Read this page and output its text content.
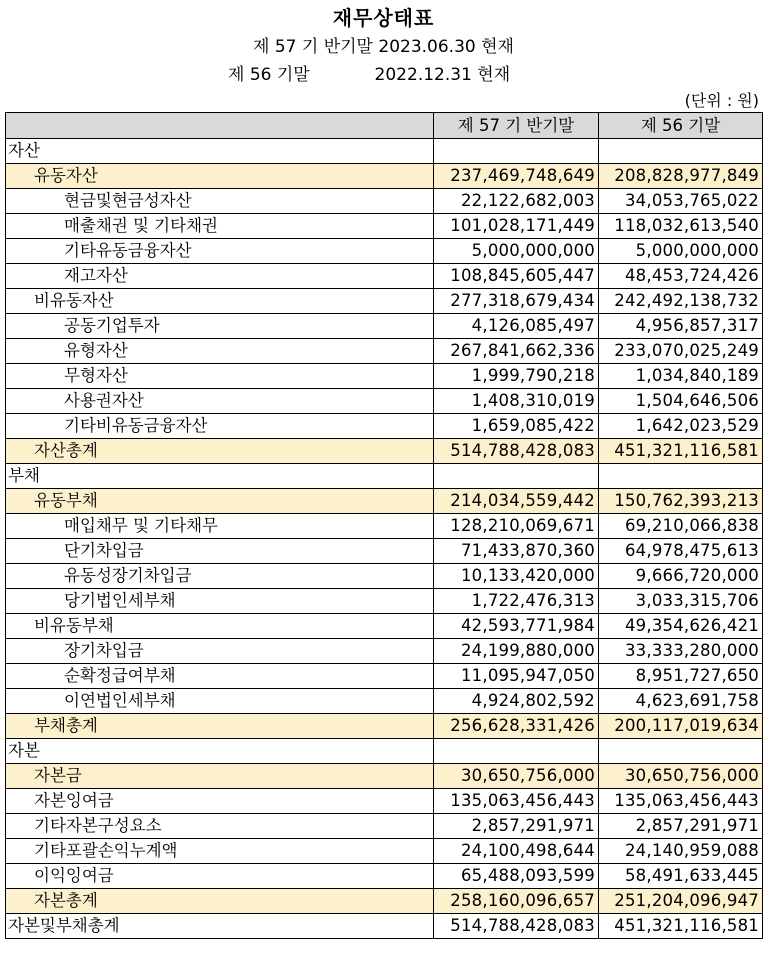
재무상태표
제 57 기 반기말 2023.06.30 현재
제 56 기말            2022.12.31 현재
(단위 : 원)
	제 57 기 반기말	제 56 기말
자산		
유동자산	237,469,748,649	208,828,977,849
현금및현금성자산	22,122,682,003	34,053,765,022
매출채권 및 기타채권	101,028,171,449	118,032,613,540
기타유동금융자산	5,000,000,000	5,000,000,000
재고자산	108,845,605,447	48,453,724,426
비유동자산	277,318,679,434	242,492,138,732
공동기업투자	4,126,085,497	4,956,857,317
유형자산	267,841,662,336	233,070,025,249
무형자산	1,999,790,218	1,034,840,189
사용권자산	1,408,310,019	1,504,646,506
기타비유동금융자산	1,659,085,422	1,642,023,529
자산총계	514,788,428,083	451,321,116,581
부채		
유동부채	214,034,559,442	150,762,393,213
매입채무 및 기타채무	128,210,069,671	69,210,066,838
단기차입금	71,433,870,360	64,978,475,613
유동성장기차입금	10,133,420,000	9,666,720,000
당기법인세부채	1,722,476,313	3,033,315,706
비유동부채	42,593,771,984	49,354,626,421
장기차입금	24,199,880,000	33,333,280,000
순확정급여부채	11,095,947,050	8,951,727,650
이연법인세부채	4,924,802,592	4,623,691,758
부채총계	256,628,331,426	200,117,019,634
자본		
자본금	30,650,756,000	30,650,756,000
자본잉여금	135,063,456,443	135,063,456,443
기타자본구성요소	2,857,291,971	2,857,291,971
기타포괄손익누계액	24,100,498,644	24,140,959,088
이익잉여금	65,488,093,599	58,491,633,445
자본총계	258,160,096,657	251,204,096,947
자본및부채총계	514,788,428,083	451,321,116,581
